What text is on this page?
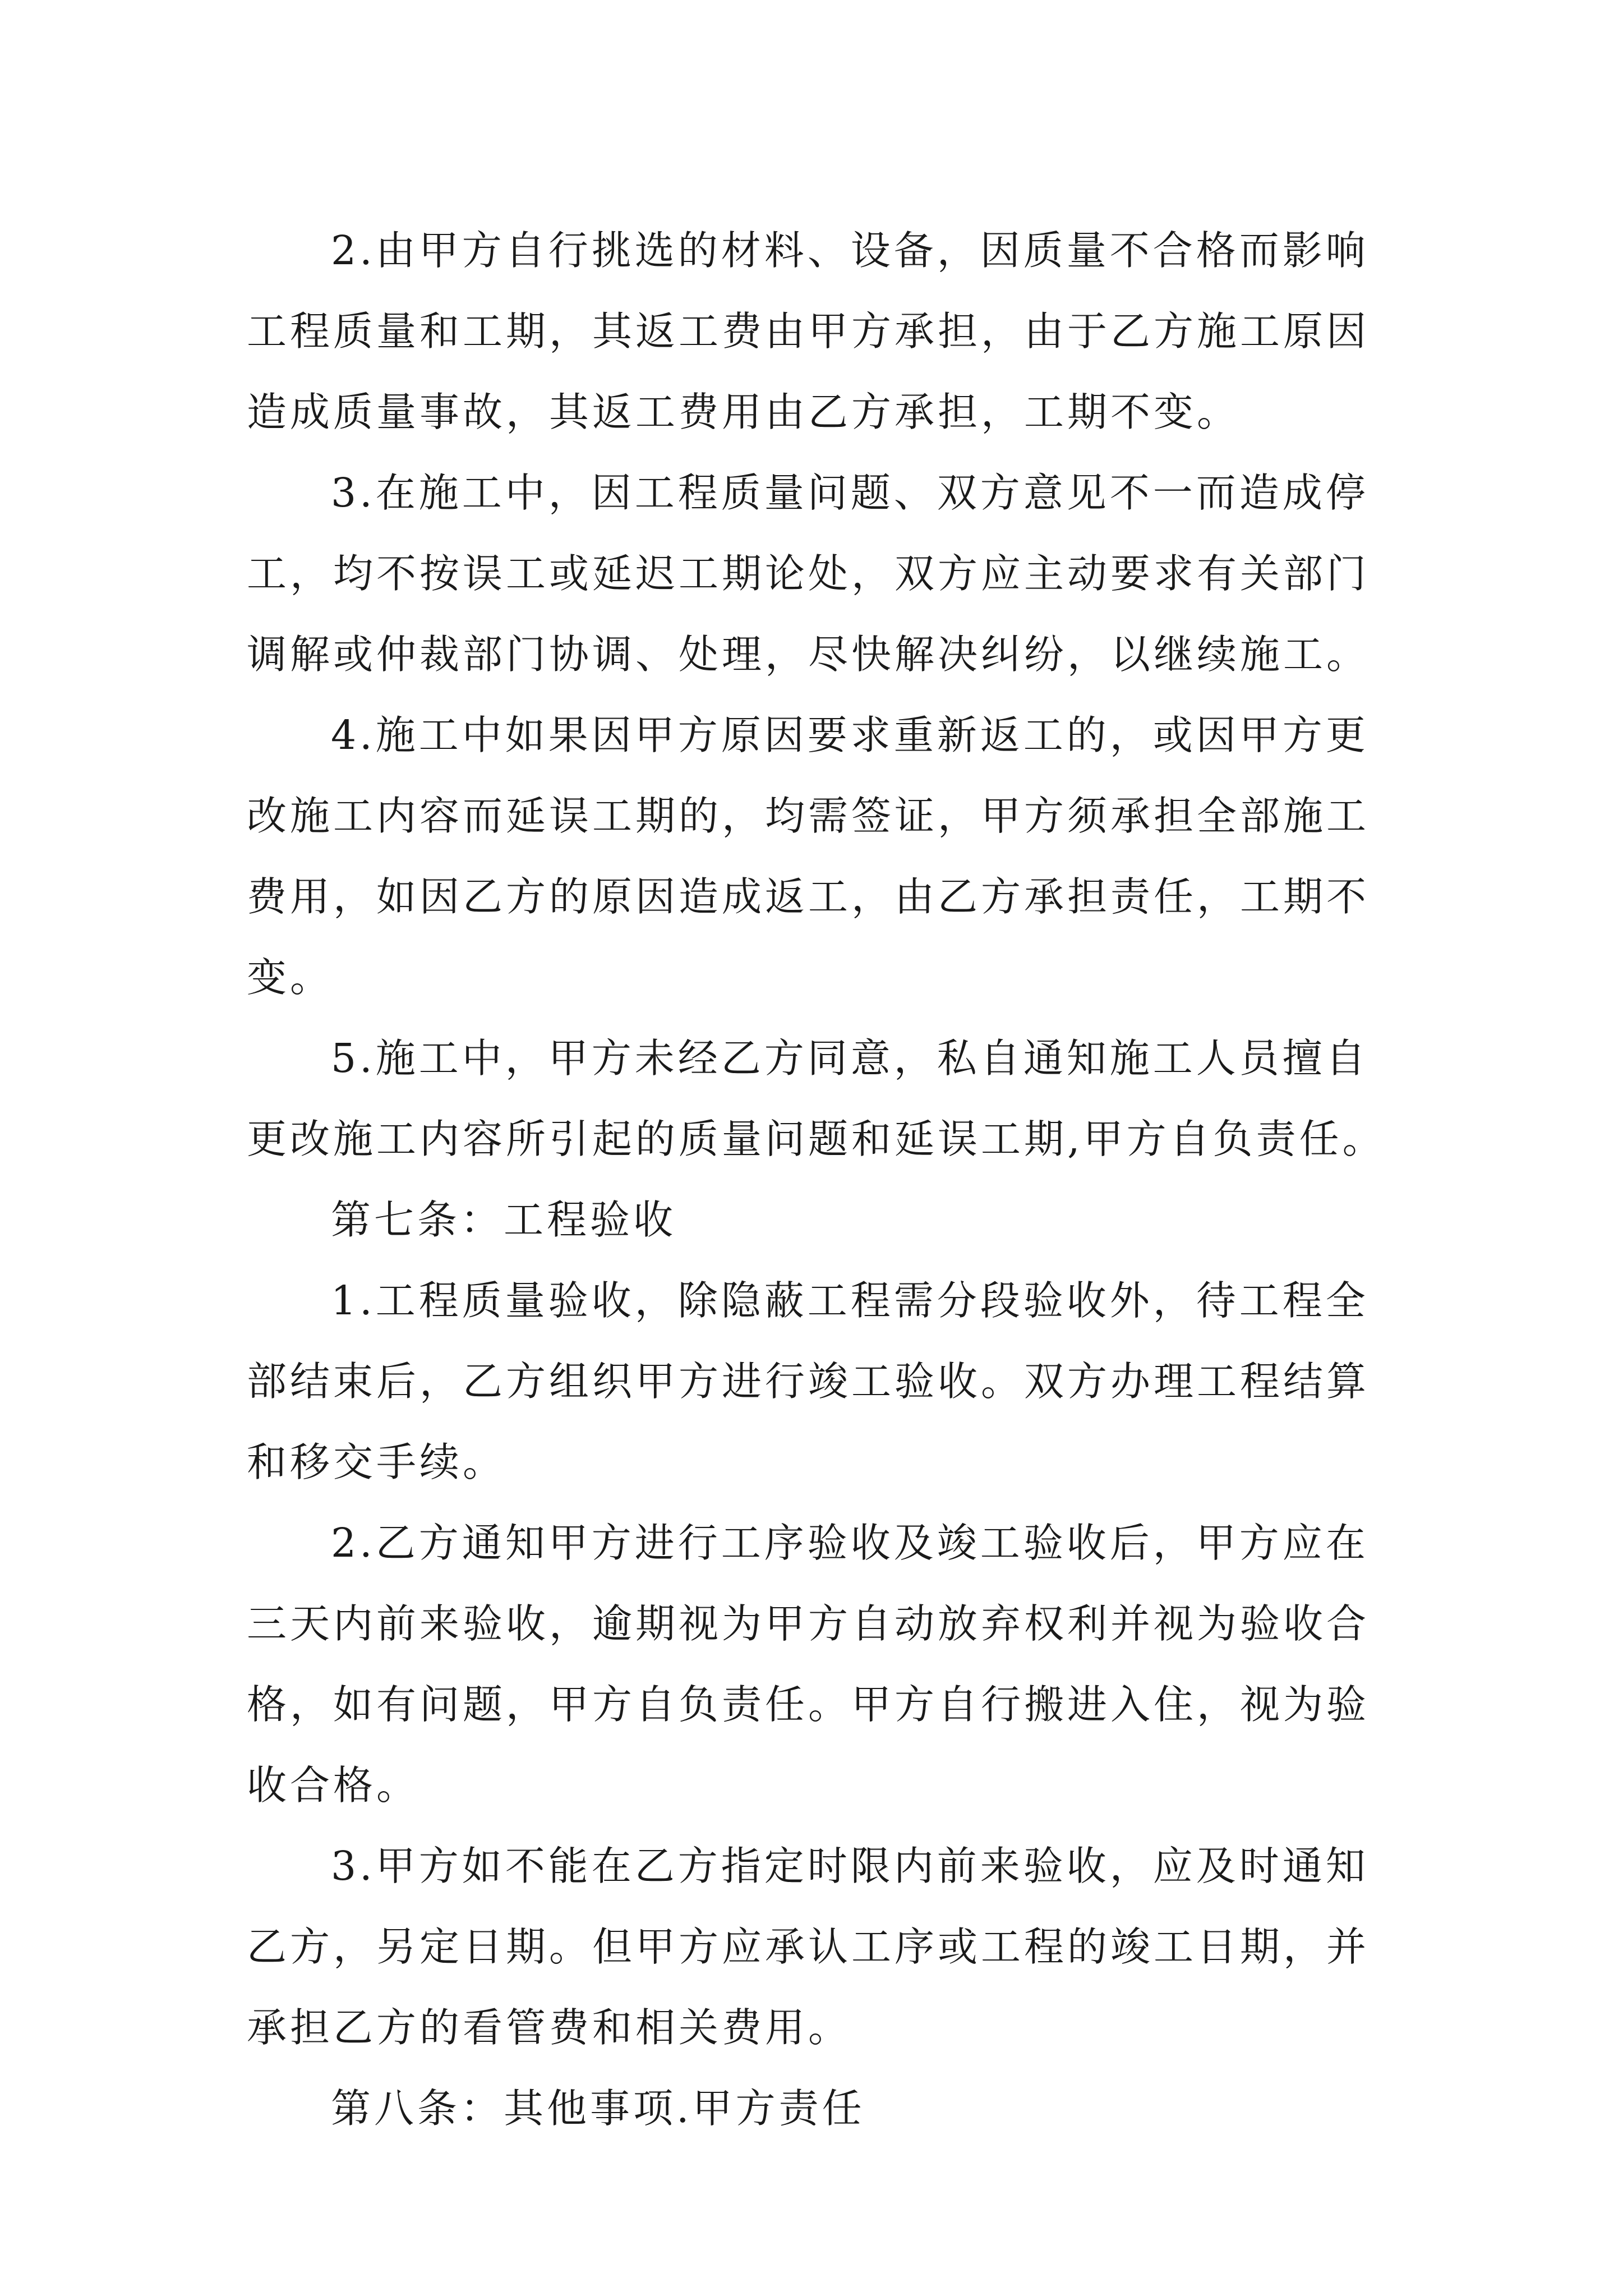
2.由甲方自行挑选的材料、设备，因质量不合格而影响
工程质量和工期，其返工费由甲方承担，由于乙方施工原因
造成质量事故，其返工费用由乙方承担，工期不变。
3.在施工中，因工程质量问题、双方意见不一而造成停
工，均不按误工或延迟工期论处，双方应主动要求有关部门
调解或仲裁部门协调、处理，尽快解决纠纷，以继续施工。
4.施工中如果因甲方原因要求重新返工的，或因甲方更
改施工内容而延误工期的，均需签证，甲方须承担全部施工
费用，如因乙方的原因造成返工，由乙方承担责任，工期不
变。
5.施工中，甲方未经乙方同意，私自通知施工人员擅自
更改施工内容所引起的质量问题和延误工期,甲方自负责任。
第七条：工程验收
1.工程质量验收，除隐蔽工程需分段验收外，待工程全
部结束后，乙方组织甲方进行竣工验收。双方办理工程结算
和移交手续。
2.乙方通知甲方进行工序验收及竣工验收后，甲方应在
三天内前来验收，逾期视为甲方自动放弃权利并视为验收合
格，如有问题，甲方自负责任。甲方自行搬进入住，视为验
收合格。
3.甲方如不能在乙方指定时限内前来验收，应及时通知
乙方，另定日期。但甲方应承认工序或工程的竣工日期，并
承担乙方的看管费和相关费用。
第八条：其他事项.甲方责任
